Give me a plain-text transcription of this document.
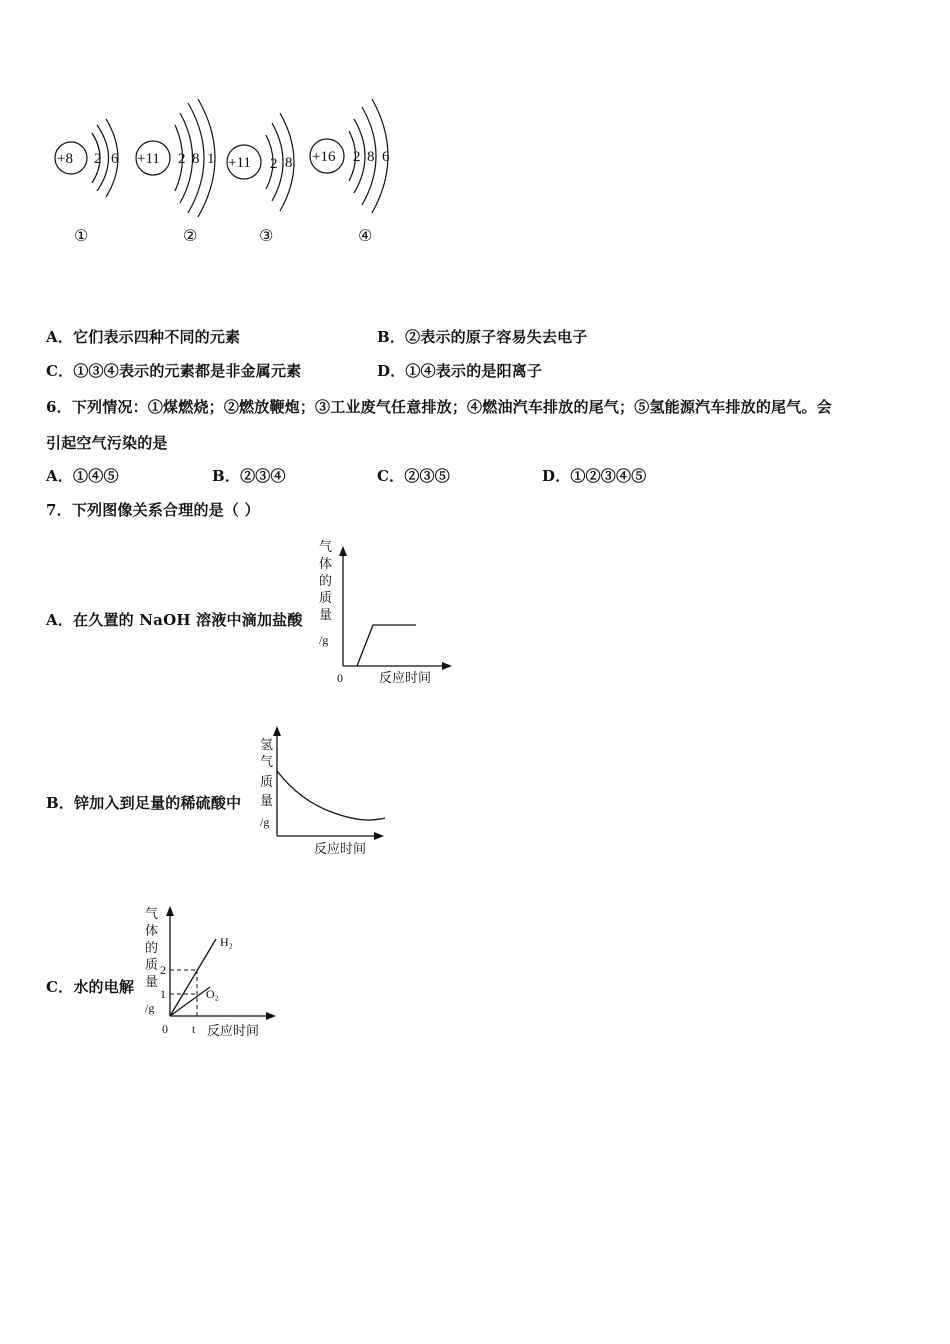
+8 2 6 +11 2 8 1 +11 2 8 +16 2 8 6
①	②	③	④
A．它们表示四种不同的元素	B．②表示的原子容易失去电子
C．①③④表示的元素都是非金属元素	D．①④表示的是阳离子
6．下列情况：①煤燃烧；②燃放鞭炮；③工业废气任意排放；④燃油汽车排放的尾气；⑤氢能源汽车排放的尾气。会
引起空气污染的是
A．①④⑤	B．②③④	C．②③⑤	D．①②③④⑤
7．下列图像关系合理的是（ ）
A．在久置的 NaOH 溶液中滴加盐酸
气
体
的
质
量
/g
0	反应时间
B．锌加入到足量的稀硫酸中
氢
气
质
量
/g
反应时间
C．水的电解
气
体
的
质
量
/g
2
1
0 t
H₂
O₂
反应时间
